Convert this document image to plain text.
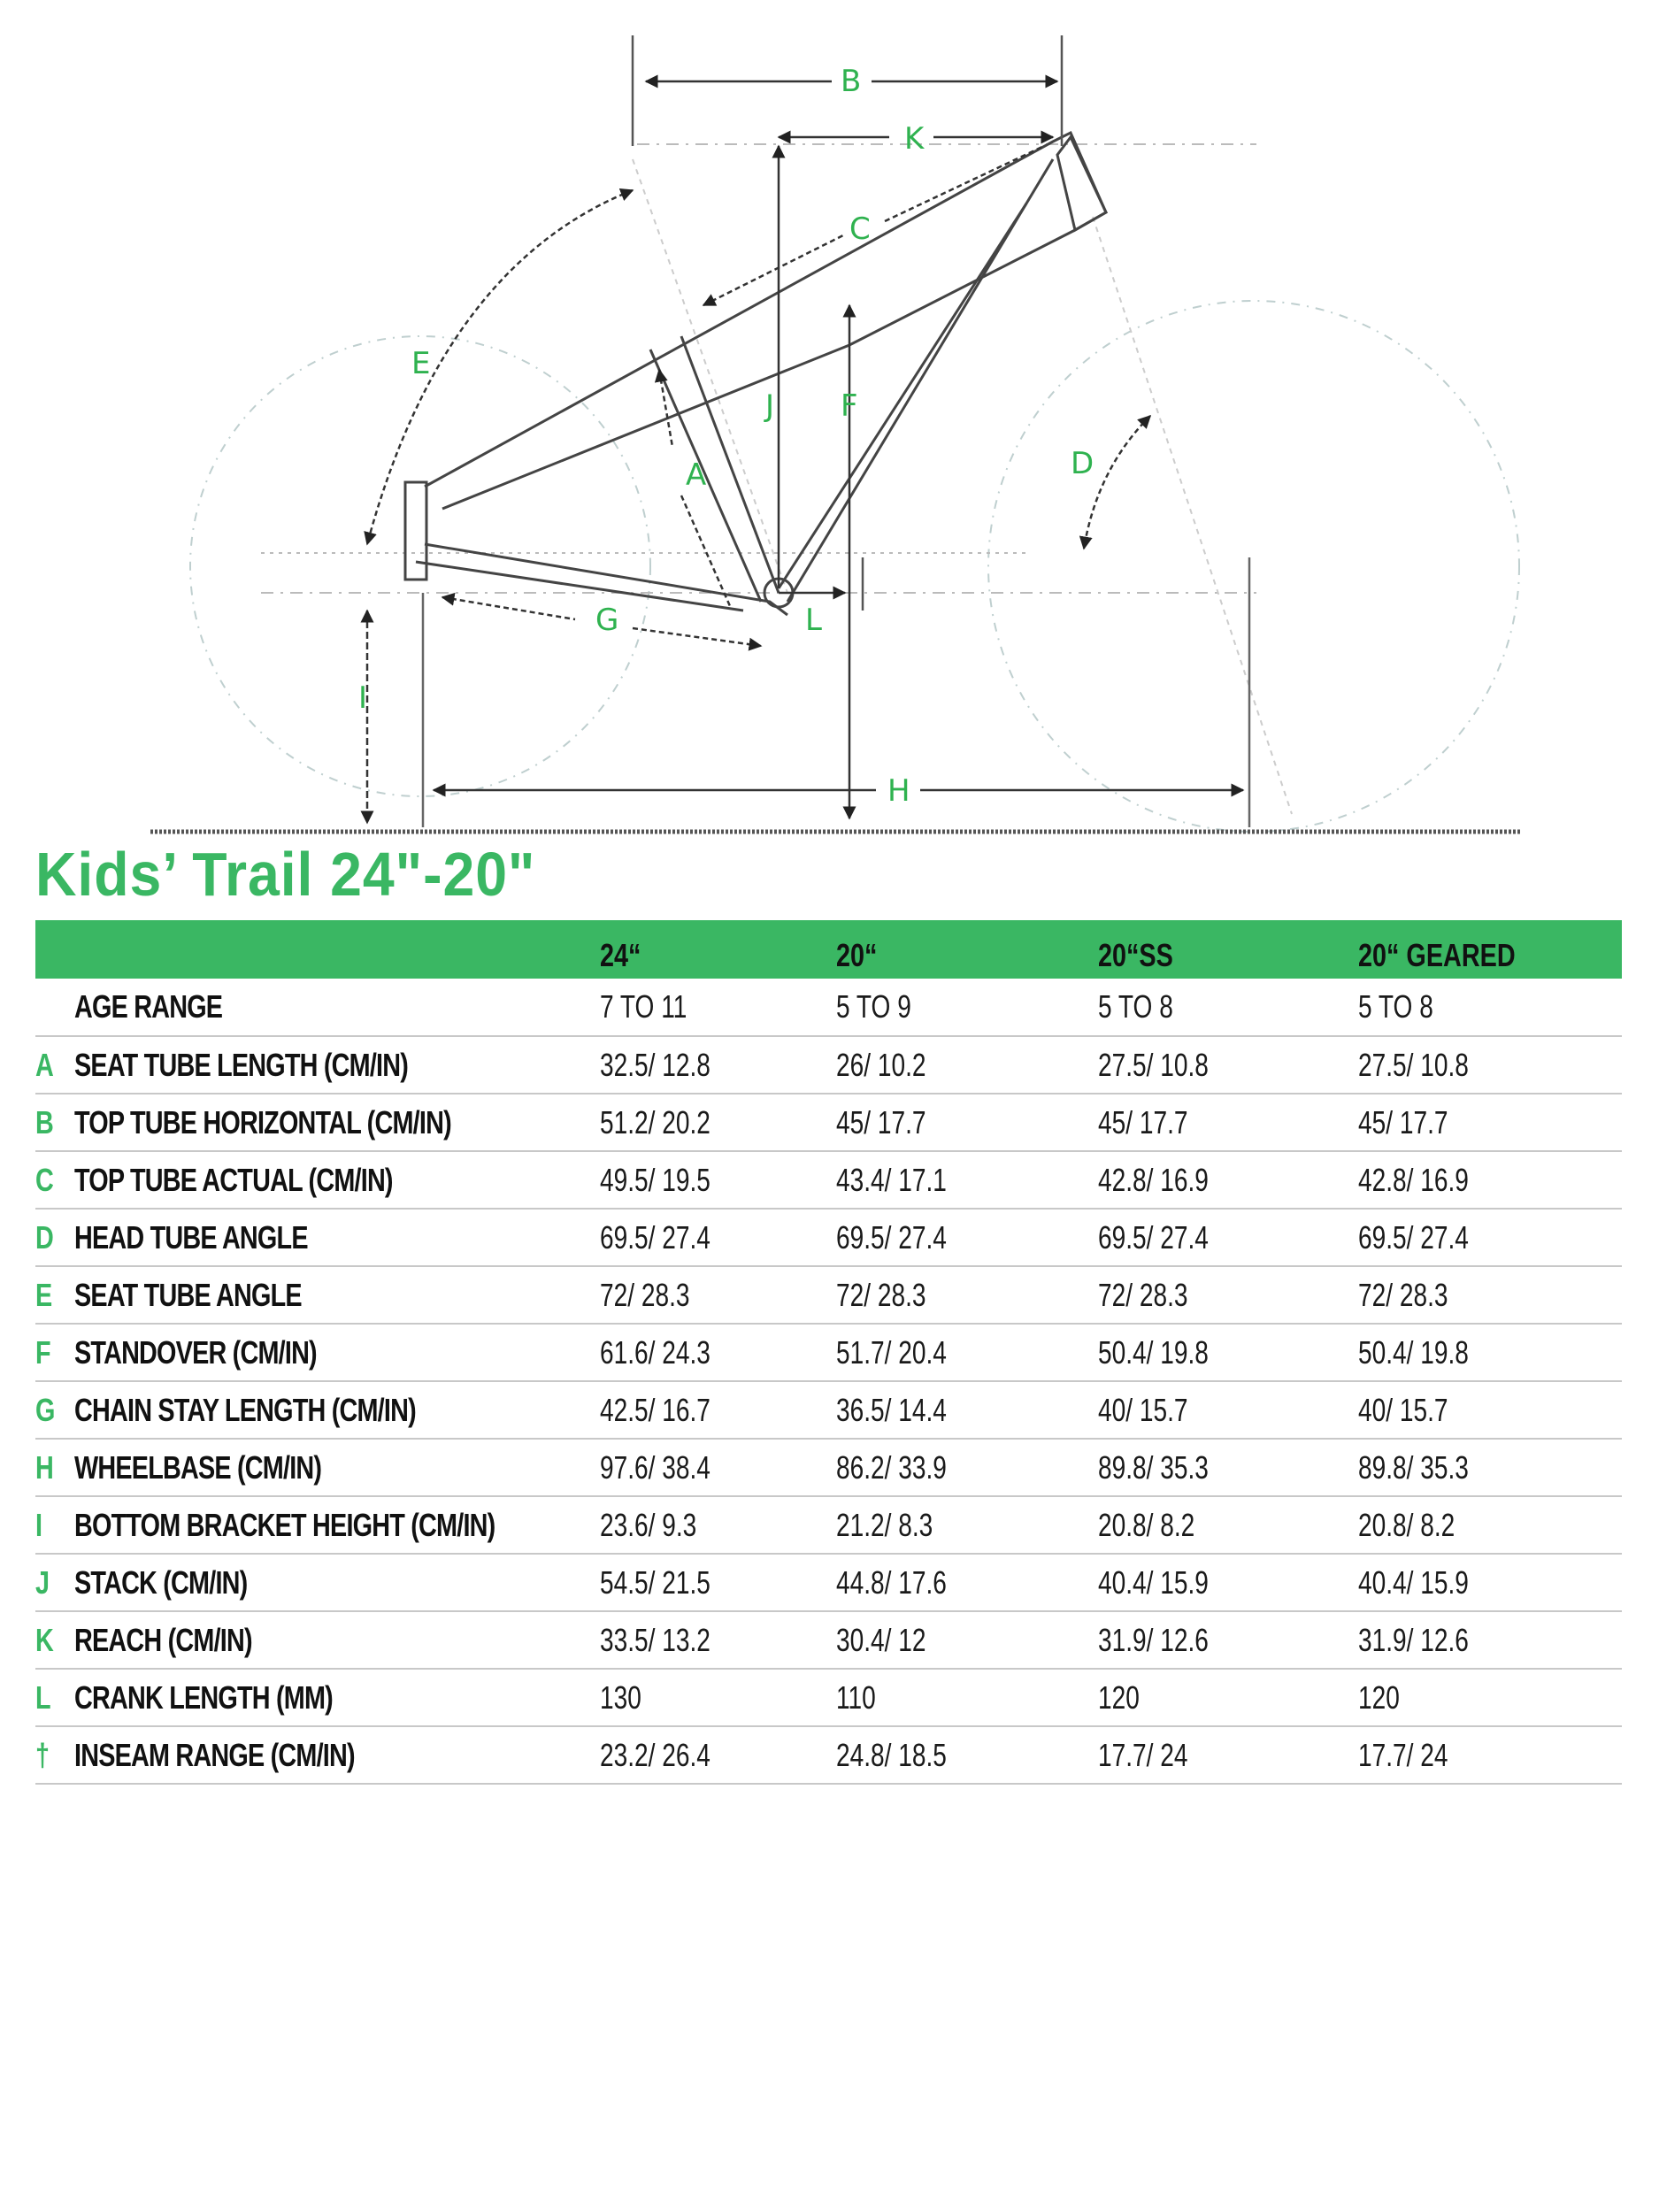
B
K
C
E
J F
A	D
G	L
I
H
Kids’ Trail 24"-20"
		24“	20“	20“SS	20“ GEARED
	AGE RANGE	7 TO 11	5 TO 9	5 TO 8	5 TO 8
A	SEAT TUBE LENGTH (CM/IN)	32.5/ 12.8	26/ 10.2	27.5/ 10.8	27.5/ 10.8
B	TOP TUBE HORIZONTAL (CM/IN)	51.2/ 20.2	45/ 17.7	45/ 17.7	45/ 17.7
C	TOP TUBE ACTUAL (CM/IN)	49.5/ 19.5	43.4/ 17.1	42.8/ 16.9	42.8/ 16.9
D	HEAD TUBE ANGLE	69.5/ 27.4	69.5/ 27.4	69.5/ 27.4	69.5/ 27.4
E	SEAT TUBE ANGLE	72/ 28.3	72/ 28.3	72/ 28.3	72/ 28.3
F	STANDOVER (CM/IN)	61.6/ 24.3	51.7/ 20.4	50.4/ 19.8	50.4/ 19.8
G	CHAIN STAY LENGTH (CM/IN)	42.5/ 16.7	36.5/ 14.4	40/ 15.7	40/ 15.7
H	WHEELBASE (CM/IN)	97.6/ 38.4	86.2/ 33.9	89.8/ 35.3	89.8/ 35.3
I	BOTTOM BRACKET HEIGHT (CM/IN)	23.6/ 9.3	21.2/ 8.3	20.8/ 8.2	20.8/ 8.2
J	STACK (CM/IN)	54.5/ 21.5	44.8/ 17.6	40.4/ 15.9	40.4/ 15.9
K	REACH (CM/IN)	33.5/ 13.2	30.4/ 12	31.9/ 12.6	31.9/ 12.6
L	CRANK LENGTH (MM)	130	110	120	120
†	INSEAM RANGE (CM/IN)	23.2/ 26.4	24.8/ 18.5	17.7/ 24	17.7/ 24
